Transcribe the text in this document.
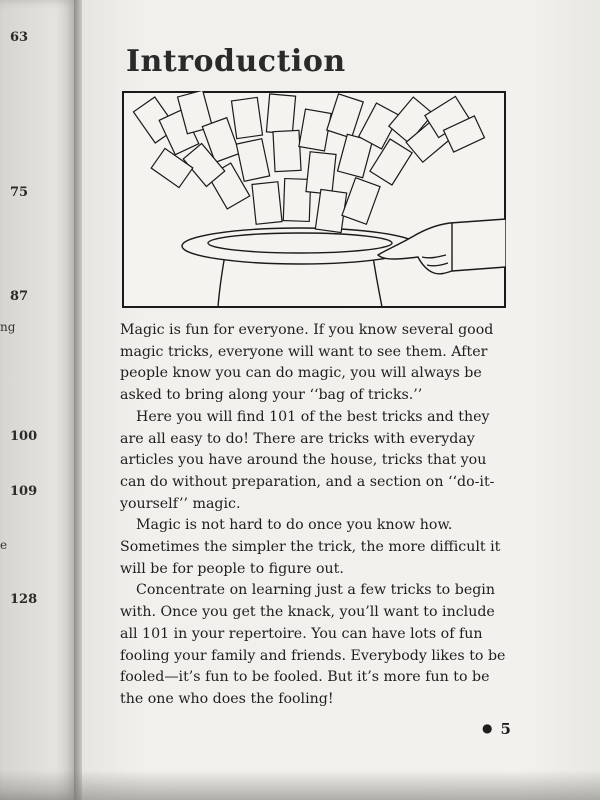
63
75
87
ng
100
109
e
128
Introduction

Magic is fun for everyone. If you know several good magic tricks, everyone will want to see them. After people know you can do magic, you will always be asked to bring along your ‘‘bag of tricks.’’

Here you will find 101 of the best tricks and they are all easy to do! There are tricks with everyday articles you have around the house, tricks that you can do without preparation, and a section on ‘‘do-it-yourself’’ magic.

Magic is not hard to do once you know how. Sometimes the simpler the trick, the more difficult it will be for people to figure out.

Concentrate on learning just a few tricks to begin with. Once you get the knack, you’ll want to include all 101 in your repertoire. You can have lots of fun fooling your family and friends. Everybody likes to be fooled—it’s fun to be fooled. But it’s more fun to be the one who does the fooling!

● 5
